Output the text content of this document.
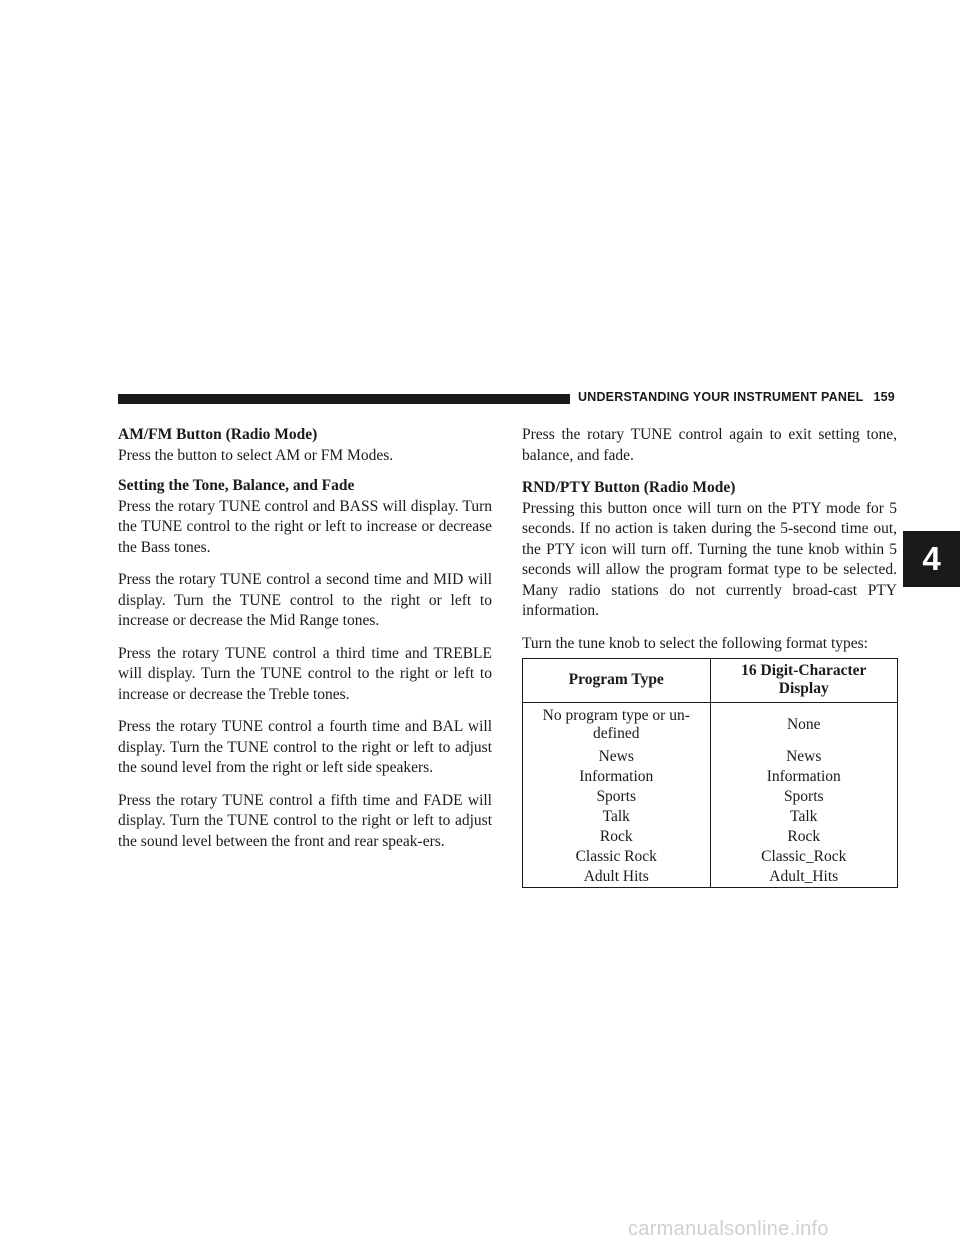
UNDERSTANDING YOUR INSTRUMENT PANEL 159
4
AM/FM Button (Radio Mode)

Press the button to select AM or FM Modes.

Setting the Tone, Balance, and Fade

Press the rotary TUNE control and BASS will display. Turn the TUNE control to the right or left to increase or decrease the Bass tones.

Press the rotary TUNE control a second time and MID will display. Turn the TUNE control to the right or left to increase or decrease the Mid Range tones.

Press the rotary TUNE control a third time and TREBLE will display. Turn the TUNE control to the right or left to increase or decrease the Treble tones.

Press the rotary TUNE control a fourth time and BAL will display. Turn the TUNE control to the right or left to adjust the sound level from the right or left side speakers.

Press the rotary TUNE control a fifth time and FADE will display. Turn the TUNE control to the right or left to adjust the sound level between the front and rear speak-ers.

Press the rotary TUNE control again to exit setting tone, balance, and fade.

RND/PTY Button (Radio Mode)

Pressing this button once will turn on the PTY mode for 5 seconds. If no action is taken during the 5-second time out, the PTY icon will turn off. Turning the tune knob within 5 seconds will allow the program format type to be selected. Many radio stations do not currently broad-cast PTY information.

Turn the tune knob to select the following format types:

Program Type	16 Digit-Character Display
No program type or un-defined	None
News	News
Information	Information
Sports	Sports
Talk	Talk
Rock	Rock
Classic Rock	Classic_Rock
Adult Hits	Adult_Hits
carmanualsonline.info
